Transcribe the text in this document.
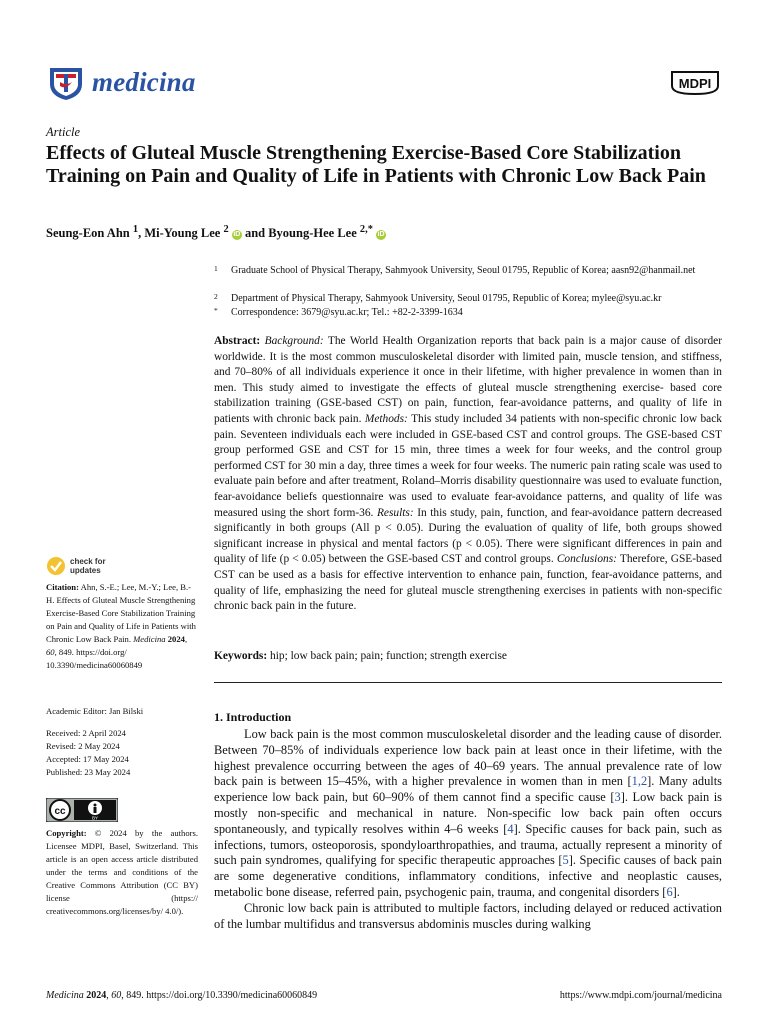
medicina	MDPI
Article
Effects of Gluteal Muscle Strengthening Exercise-Based Core Stabilization Training on Pain and Quality of Life in Patients with Chronic Low Back Pain
Seung-Eon Ahn $^1$, Mi-Young Lee $^2$ iD and Byoung-Hee Lee $^{2,*}$ iD
1 Graduate School of Physical Therapy, Sahmyook University, Seoul 01795, Republic of Korea; aasn92@hanmail.net
2 Department of Physical Therapy, Sahmyook University, Seoul 01795, Republic of Korea; mylee@syu.ac.kr
* Correspondence: 3679@syu.ac.kr; Tel.: +82-2-3399-1634

Abstract: Background: The World Health Organization reports that back pain is a major cause of disorder worldwide. It is the most common musculoskeletal disorder with limited pain, muscle tension, and stiffness, and 70–80% of all individuals experience it once in their lifetime, with higher prevalence in women than in men. This study aimed to investigate the effects of gluteal muscle strengthening exercise- based core stabilization training (GSE-based CST) on pain, function, fear-avoidance patterns, and quality of life in patients with chronic back pain. Methods: This study included 34 patients with non-specific chronic low back pain. Seventeen individuals each were included in GSE-based CST and control groups. The GSE-based CST group performed GSE and CST for 15 min, three times a week for four weeks, and the control group performed CST for 30 min a day, three times a week for four weeks. The numeric pain rating scale was used to evaluate pain before and after treatment, Roland–Morris disability questionnaire was used to evaluate function, fear-avoidance beliefs questionnaire was used to evaluate fear-avoidance patterns, and quality of life was measured using the short form-36. Results: In this study, pain, function, and fear-avoidance pattern decreased significantly in both groups (All p < 0.05). During the evaluation of quality of life, both groups showed significant increase in physical and mental factors (p < 0.05). There were significant differences in pain and quality of life (p < 0.05) between the GSE-based CST and control groups. Conclusions: Therefore, GSE-based CST can be used as a basis for effective intervention to enhance pain, function, fear-avoidance patterns, and quality of life, emphasizing the need for gluteal muscle strengthening exercises in patients with non-specific chronic back pain in the future.

Keywords: hip; low back pain; pain; function; strength exercise
check for
updates
Citation: Ahn, S.-E.; Lee, M.-Y.; Lee, B.-H. Effects of Gluteal Muscle Strengthening Exercise-Based Core Stabilization Training on Pain and Quality of Life in Patients with Chronic Low Back Pain. Medicina 2024, 60, 849. https://doi.org/ 10.3390/medicina60060849
Academic Editor: Jan Bilski
Received: 2 April 2024
Revised: 2 May 2024
Accepted: 17 May 2024
Published: 23 May 2024
cc
BY
Copyright: © 2024 by the authors. Licensee MDPI, Basel, Switzerland. This article is an open access article distributed under the terms and conditions of the Creative Commons Attribution (CC BY) license (https:// creativecommons.org/licenses/by/ 4.0/).
1. Introduction

Low back pain is the most common musculoskeletal disorder and the leading cause of disorder. Between 70–85% of individuals experience low back pain at least once in their lifetime, with the highest prevalence occurring between the ages of 40–69 years. The annual prevalence rate of low back pain is between 15–45%, with a higher prevalence in women than in men [1,2]. Many adults experience low back pain, but 60–90% of them cannot find a specific cause [3]. Low back pain is mostly non-specific and mechanical in nature. Non-specific low back pain often occurs spontaneously, and typically resolves within 4–6 weeks [4]. Specific causes for back pain, such as infections, tumors, osteoporosis, spondyloarthropathies, and trauma, actually represent a minority of such pain syndromes, qualifying for specific therapeutic approaches [5]. Specific causes of back pain are some degenerative conditions, inflammatory conditions, infective and neoplastic causes, metabolic bone disease, referred pain, psychogenic pain, trauma, and congenital disorders [6].

Chronic low back pain is attributed to multiple factors, including delayed or reduced activation of the lumbar multifidus and transversus abdominis muscles during walking

Medicina 2024, 60, 849. https://doi.org/10.3390/medicina60060849	https://www.mdpi.com/journal/medicina
